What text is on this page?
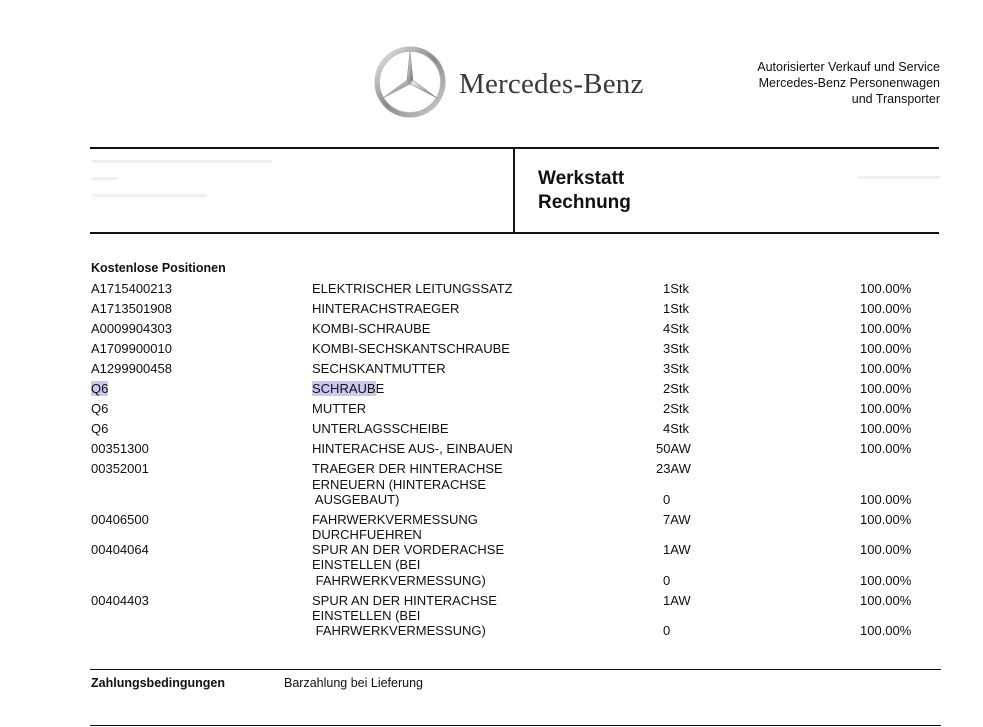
Mercedes-Benz
Autorisierter Verkauf und Service
Mercedes-Benz Personenwagen
und Transporter
Werkstatt
Rechnung
Kostenlose Positionen
A1715400213	ELEKTRISCHER LEITUNGSSATZ	1Stk	100.00%
A1713501908	HINTERACHSTRAEGER	1Stk	100.00%
A0009904303	KOMBI-SCHRAUBE	4Stk	100.00%
A1709900010	KOMBI-SECHSKANTSCHRAUBE	3Stk	100.00%
A1299900458	SECHSKANTMUTTER	3Stk	100.00%
Q6	SCHRAUBE	2Stk	100.00%
Q6	MUTTER	2Stk	100.00%
Q6	UNTERLAGSSCHEIBE	4Stk	100.00%
00351300	HINTERACHSE AUS-, EINBAUEN	50AW	100.00%
00352001	TRAEGER DER HINTERACHSE	23AW
ERNEUERN (HINTERACHSE
AUSGEBAUT)	0	100.00%
00406500	FAHRWERKVERMESSUNG	7AW	100.00%
DURCHFUEHREN
00404064	SPUR AN DER VORDERACHSE	1AW	100.00%
EINSTELLEN (BEI
FAHRWERKVERMESSUNG)	0	100.00%
00404403	SPUR AN DER HINTERACHSE	1AW	100.00%
EINSTELLEN (BEI
FAHRWERKVERMESSUNG)	0	100.00%
Zahlungsbedingungen	Barzahlung bei Lieferung
